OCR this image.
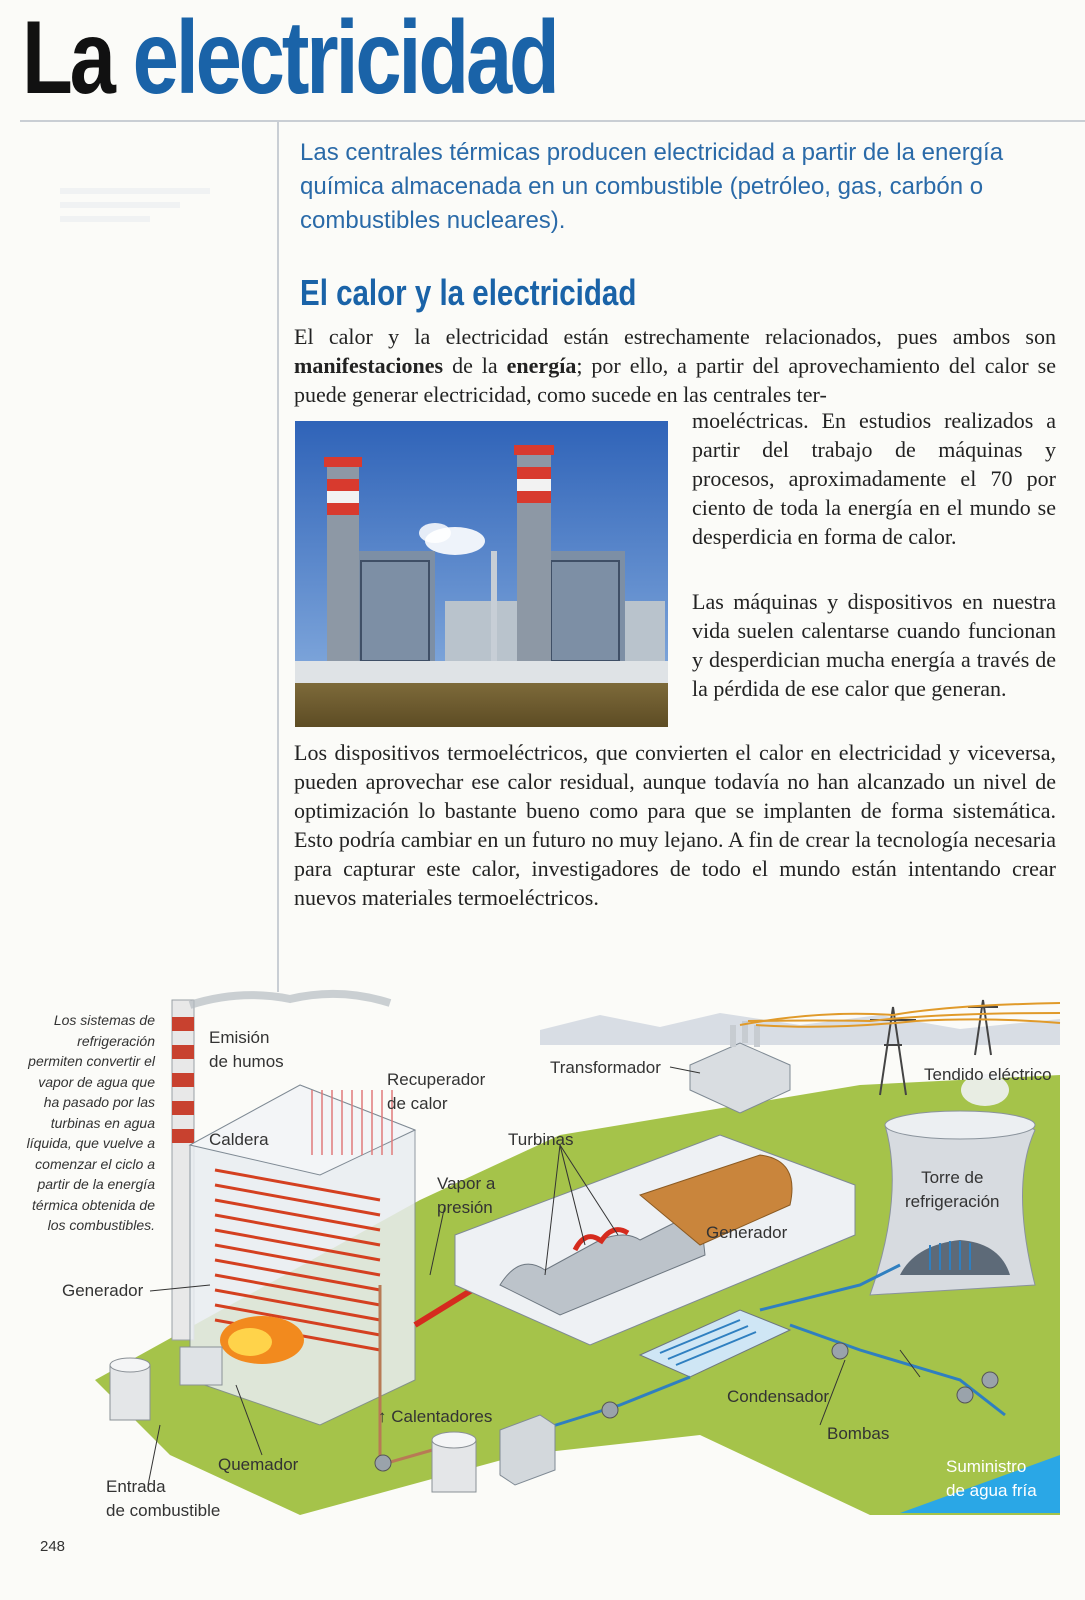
La electricidad

Las centrales térmicas producen electricidad a partir de la energía química almacenada en un combustible (petróleo, gas, carbón o combustibles nucleares).

El calor y la electricidad

El calor y la electricidad están estrechamente relacionados, pues ambos son manifestaciones de la energía; por ello, a partir del aprovechamiento del calor se puede generar electricidad, como sucede en las centrales ter-

moeléctricas. En estudios realizados a partir del trabajo de máquinas y procesos, aproximadamente el 70 por ciento de toda la energía en el mundo se desperdicia en forma de calor.

Las máquinas y dispositivos en nuestra vida suelen calentarse cuando funcionan y desperdician mucha energía a través de la pérdida de ese calor que generan.

Los dispositivos termoeléctricos, que convierten el calor en electricidad y viceversa, pueden aprovechar ese calor residual, aunque todavía no han alcanzado un nivel de optimización lo bastante bueno como para que se implanten de forma sistemática. Esto podría cambiar en un futuro no muy lejano. A fin de crear la tecnología necesaria para capturar este calor, investigadores de todo el mundo están intentando crear nuevos materiales termoeléctricos.

Los sistemas de refrigeración permiten convertir el vapor de agua que ha pasado por las turbinas en agua líquida, que vuelve a comenzar el ciclo a partir de la energía térmica obtenida de los combustibles.

Emisión
de humos
Recuperador
de calor
Transformador	Tendido eléctrico
Caldera	Turbinas
Vapor a
presión
Torre de
refrigeración
Generador
Generador
↑ Calentadores
Condensador
Bombas
Quemador
Entrada
de combustible
Suministro
de agua fría
248
